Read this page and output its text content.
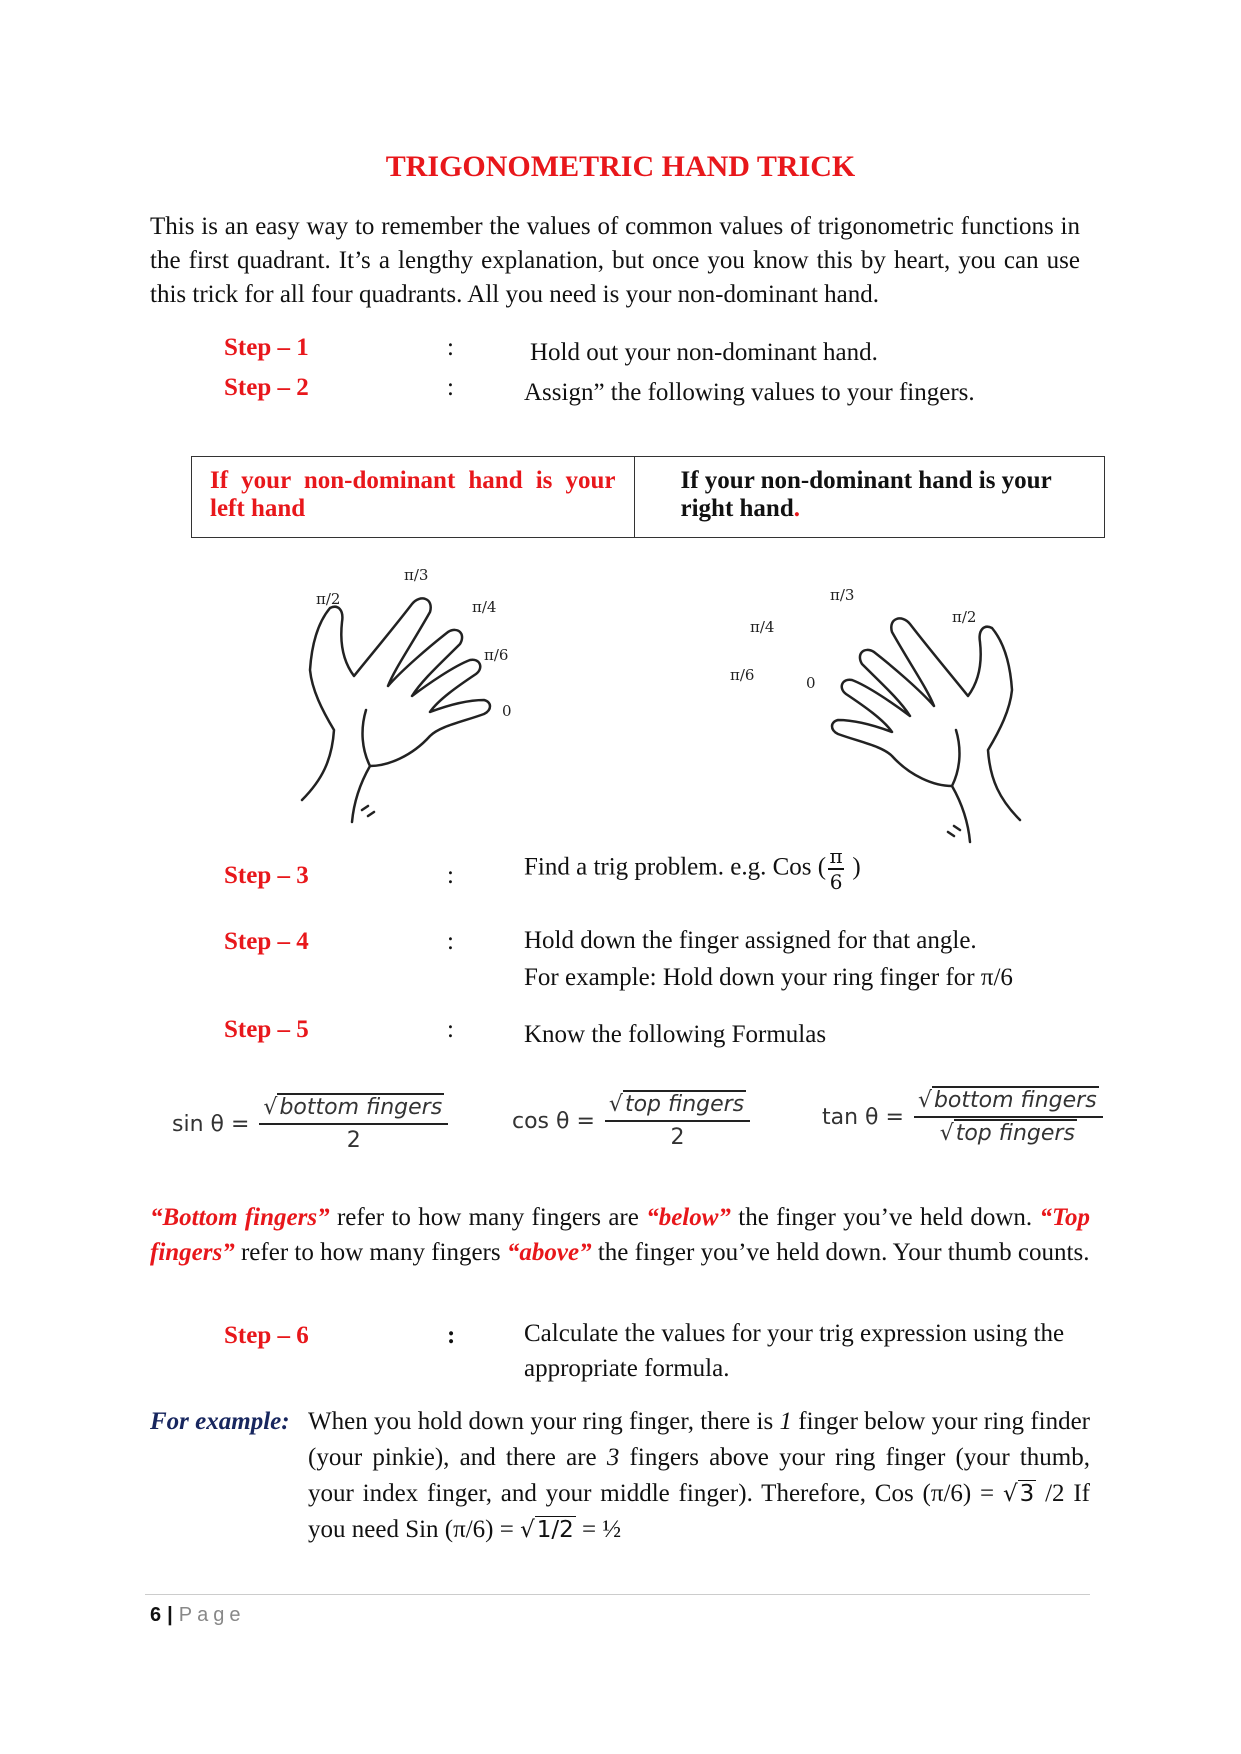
TRIGONOMETRIC HAND TRICK

This is an easy way to remember the values of common values of trigonometric functions in the first quadrant. It’s a lengthy explanation, but once you know this by heart, you can use this trick for all four quadrants. All you need is your non-dominant hand.

Step – 1	:	Hold out your non-dominant hand.
Step – 2	:	Assign” the following values to your fingers.
If your non-dominant hand is your left hand
If your non-dominant hand is your right hand.
π/2
π/3
π/4
π/6
0
0
π/6
π/4
π/3
π/2
Step – 3	:	Find a trig problem. e.g. Cos ( $\frac{\pi}{6}$ )
Step – 4	:	Hold down the finger assigned for that angle.
For example: Hold down your ring finger for π/6
Step – 5	:	Know the following Formulas
$\sin \theta = \frac{\text{√bottom fingers}}{2}$	$\cos \theta = \frac{\text{√top fingers}}{2}$	$\tan \theta = \frac{\text{√bottom fingers}}{\text{√top fingers}}$

“Bottom fingers” refer to how many fingers are “below” the finger you’ve held down. “Top fingers” refer to how many fingers “above” the finger you’ve held down. Your thumb counts.

Step – 6	:	Calculate the values for your trig expression using the appropriate formula.
For example: When you hold down your ring finger, there is 1 finger below your ring finder (your pinkie), and there are 3 fingers above your ring finger (your thumb, your index finger, and your middle finger). Therefore, Cos (π/6) = √3 /2 If you need Sin (π/6) = √1/2 = ½
6 | Page
